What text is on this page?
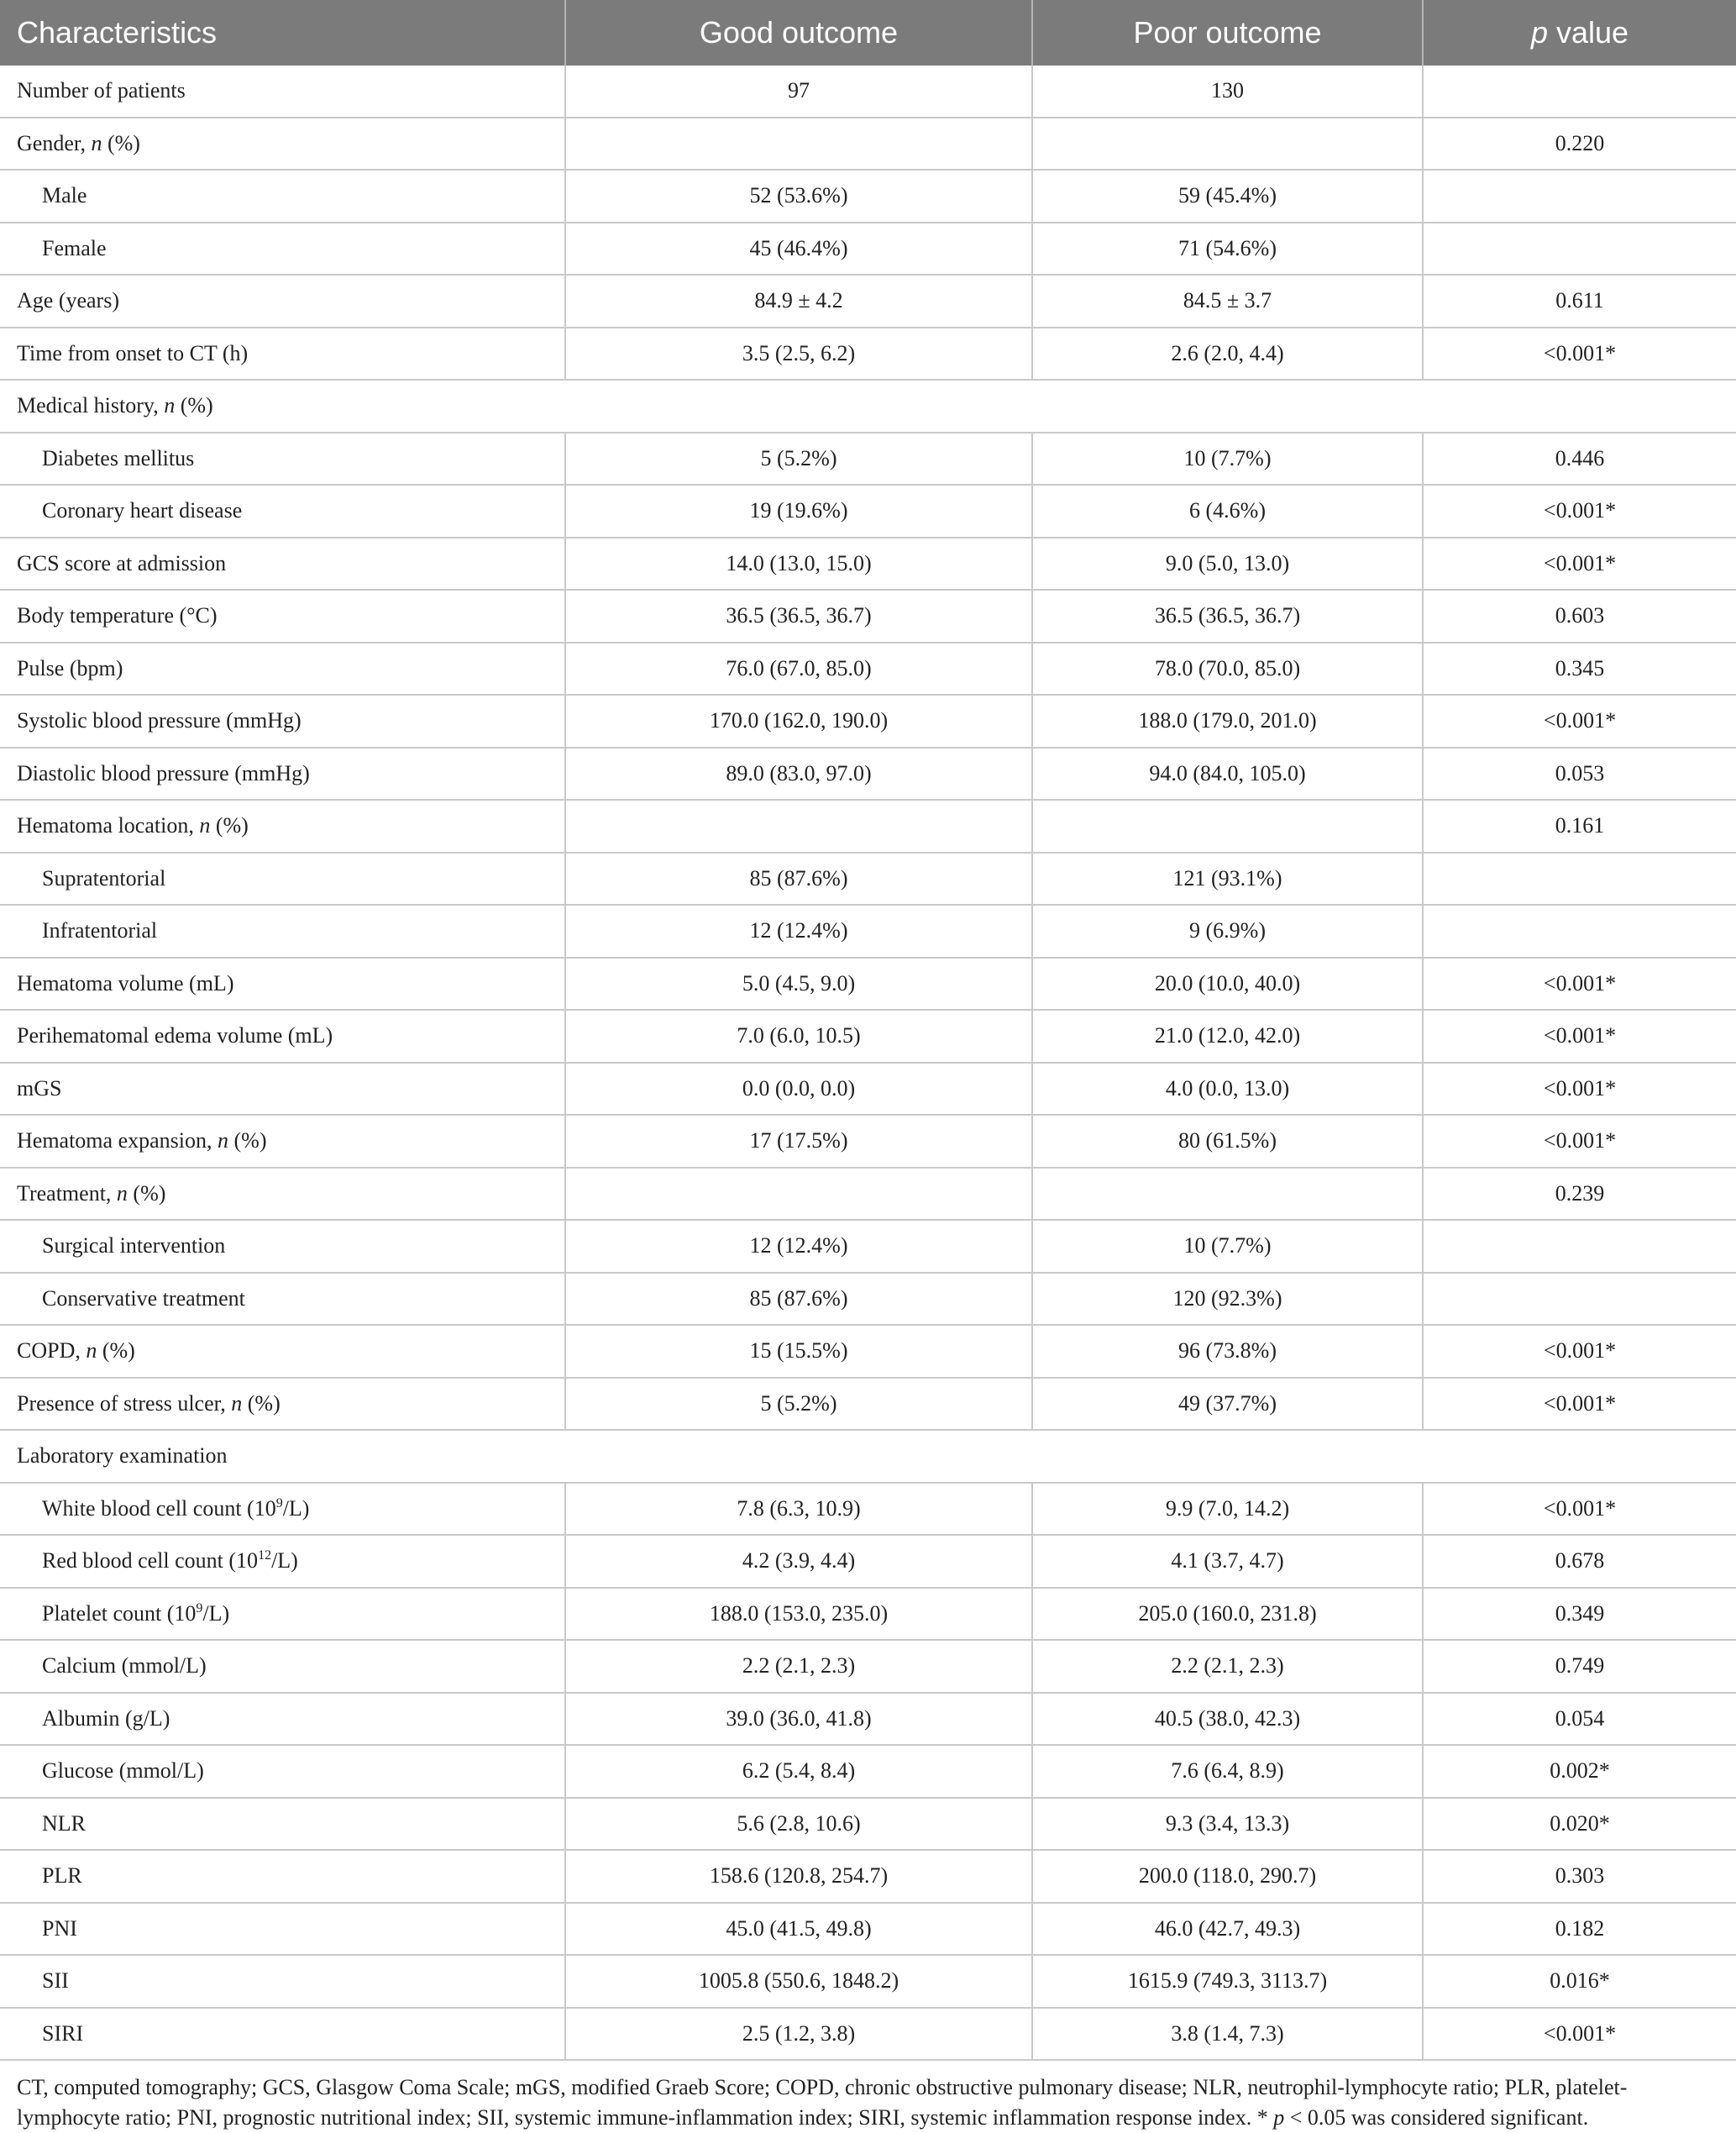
Characteristics	Good outcome	Poor outcome	p value
Number of patients	97	130	
Gender, n (%)			0.220
Male	52 (53.6%)	59 (45.4%)	
Female	45 (46.4%)	71 (54.6%)	
Age (years)	84.9 ± 4.2	84.5 ± 3.7	0.611
Time from onset to CT (h)	3.5 (2.5, 6.2)	2.6 (2.0, 4.4)	<0.001*
Medical history, n (%)			
Diabetes mellitus	5 (5.2%)	10 (7.7%)	0.446
Coronary heart disease	19 (19.6%)	6 (4.6%)	<0.001*
GCS score at admission	14.0 (13.0, 15.0)	9.0 (5.0, 13.0)	<0.001*
Body temperature (°C)	36.5 (36.5, 36.7)	36.5 (36.5, 36.7)	0.603
Pulse (bpm)	76.0 (67.0, 85.0)	78.0 (70.0, 85.0)	0.345
Systolic blood pressure (mmHg)	170.0 (162.0, 190.0)	188.0 (179.0, 201.0)	<0.001*
Diastolic blood pressure (mmHg)	89.0 (83.0, 97.0)	94.0 (84.0, 105.0)	0.053
Hematoma location, n (%)			0.161
Supratentorial	85 (87.6%)	121 (93.1%)	
Infratentorial	12 (12.4%)	9 (6.9%)	
Hematoma volume (mL)	5.0 (4.5, 9.0)	20.0 (10.0, 40.0)	<0.001*
Perihematomal edema volume (mL)	7.0 (6.0, 10.5)	21.0 (12.0, 42.0)	<0.001*
mGS	0.0 (0.0, 0.0)	4.0 (0.0, 13.0)	<0.001*
Hematoma expansion, n (%)	17 (17.5%)	80 (61.5%)	<0.001*
Treatment, n (%)			0.239
Surgical intervention	12 (12.4%)	10 (7.7%)	
Conservative treatment	85 (87.6%)	120 (92.3%)	
COPD, n (%)	15 (15.5%)	96 (73.8%)	<0.001*
Presence of stress ulcer, n (%)	5 (5.2%)	49 (37.7%)	<0.001*
Laboratory examination			
White blood cell count $(10^9/L)$	7.8 (6.3, 10.9)	9.9 (7.0, 14.2)	<0.001*
Red blood cell count $(10^{12}/L)$	4.2 (3.9, 4.4)	4.1 (3.7, 4.7)	0.678
Platelet count $(10^9/L)$	188.0 (153.0, 235.0)	205.0 (160.0, 231.8)	0.349
Calcium (mmol/L)	2.2 (2.1, 2.3)	2.2 (2.1, 2.3)	0.749
Albumin (g/L)	39.0 (36.0, 41.8)	40.5 (38.0, 42.3)	0.054
Glucose (mmol/L)	6.2 (5.4, 8.4)	7.6 (6.4, 8.9)	0.002*
NLR	5.6 (2.8, 10.6)	9.3 (3.4, 13.3)	0.020*
PLR	158.6 (120.8, 254.7)	200.0 (118.0, 290.7)	0.303
PNI	45.0 (41.5, 49.8)	46.0 (42.7, 49.3)	0.182
SII	1005.8 (550.6, 1848.2)	1615.9 (749.3, 3113.7)	0.016*
SIRI	2.5 (1.2, 3.8)	3.8 (1.4, 7.3)	<0.001*
CT, computed tomography; GCS, Glasgow Coma Scale; mGS, modified Graeb Score; COPD, chronic obstructive pulmonary disease; NLR, neutrophil-lymphocyte ratio; PLR, platelet-lymphocyte ratio; PNI, prognostic nutritional index; SII, systemic immune-inflammation index; SIRI, systemic inflammation response index. * p < 0.05 was considered significant.
